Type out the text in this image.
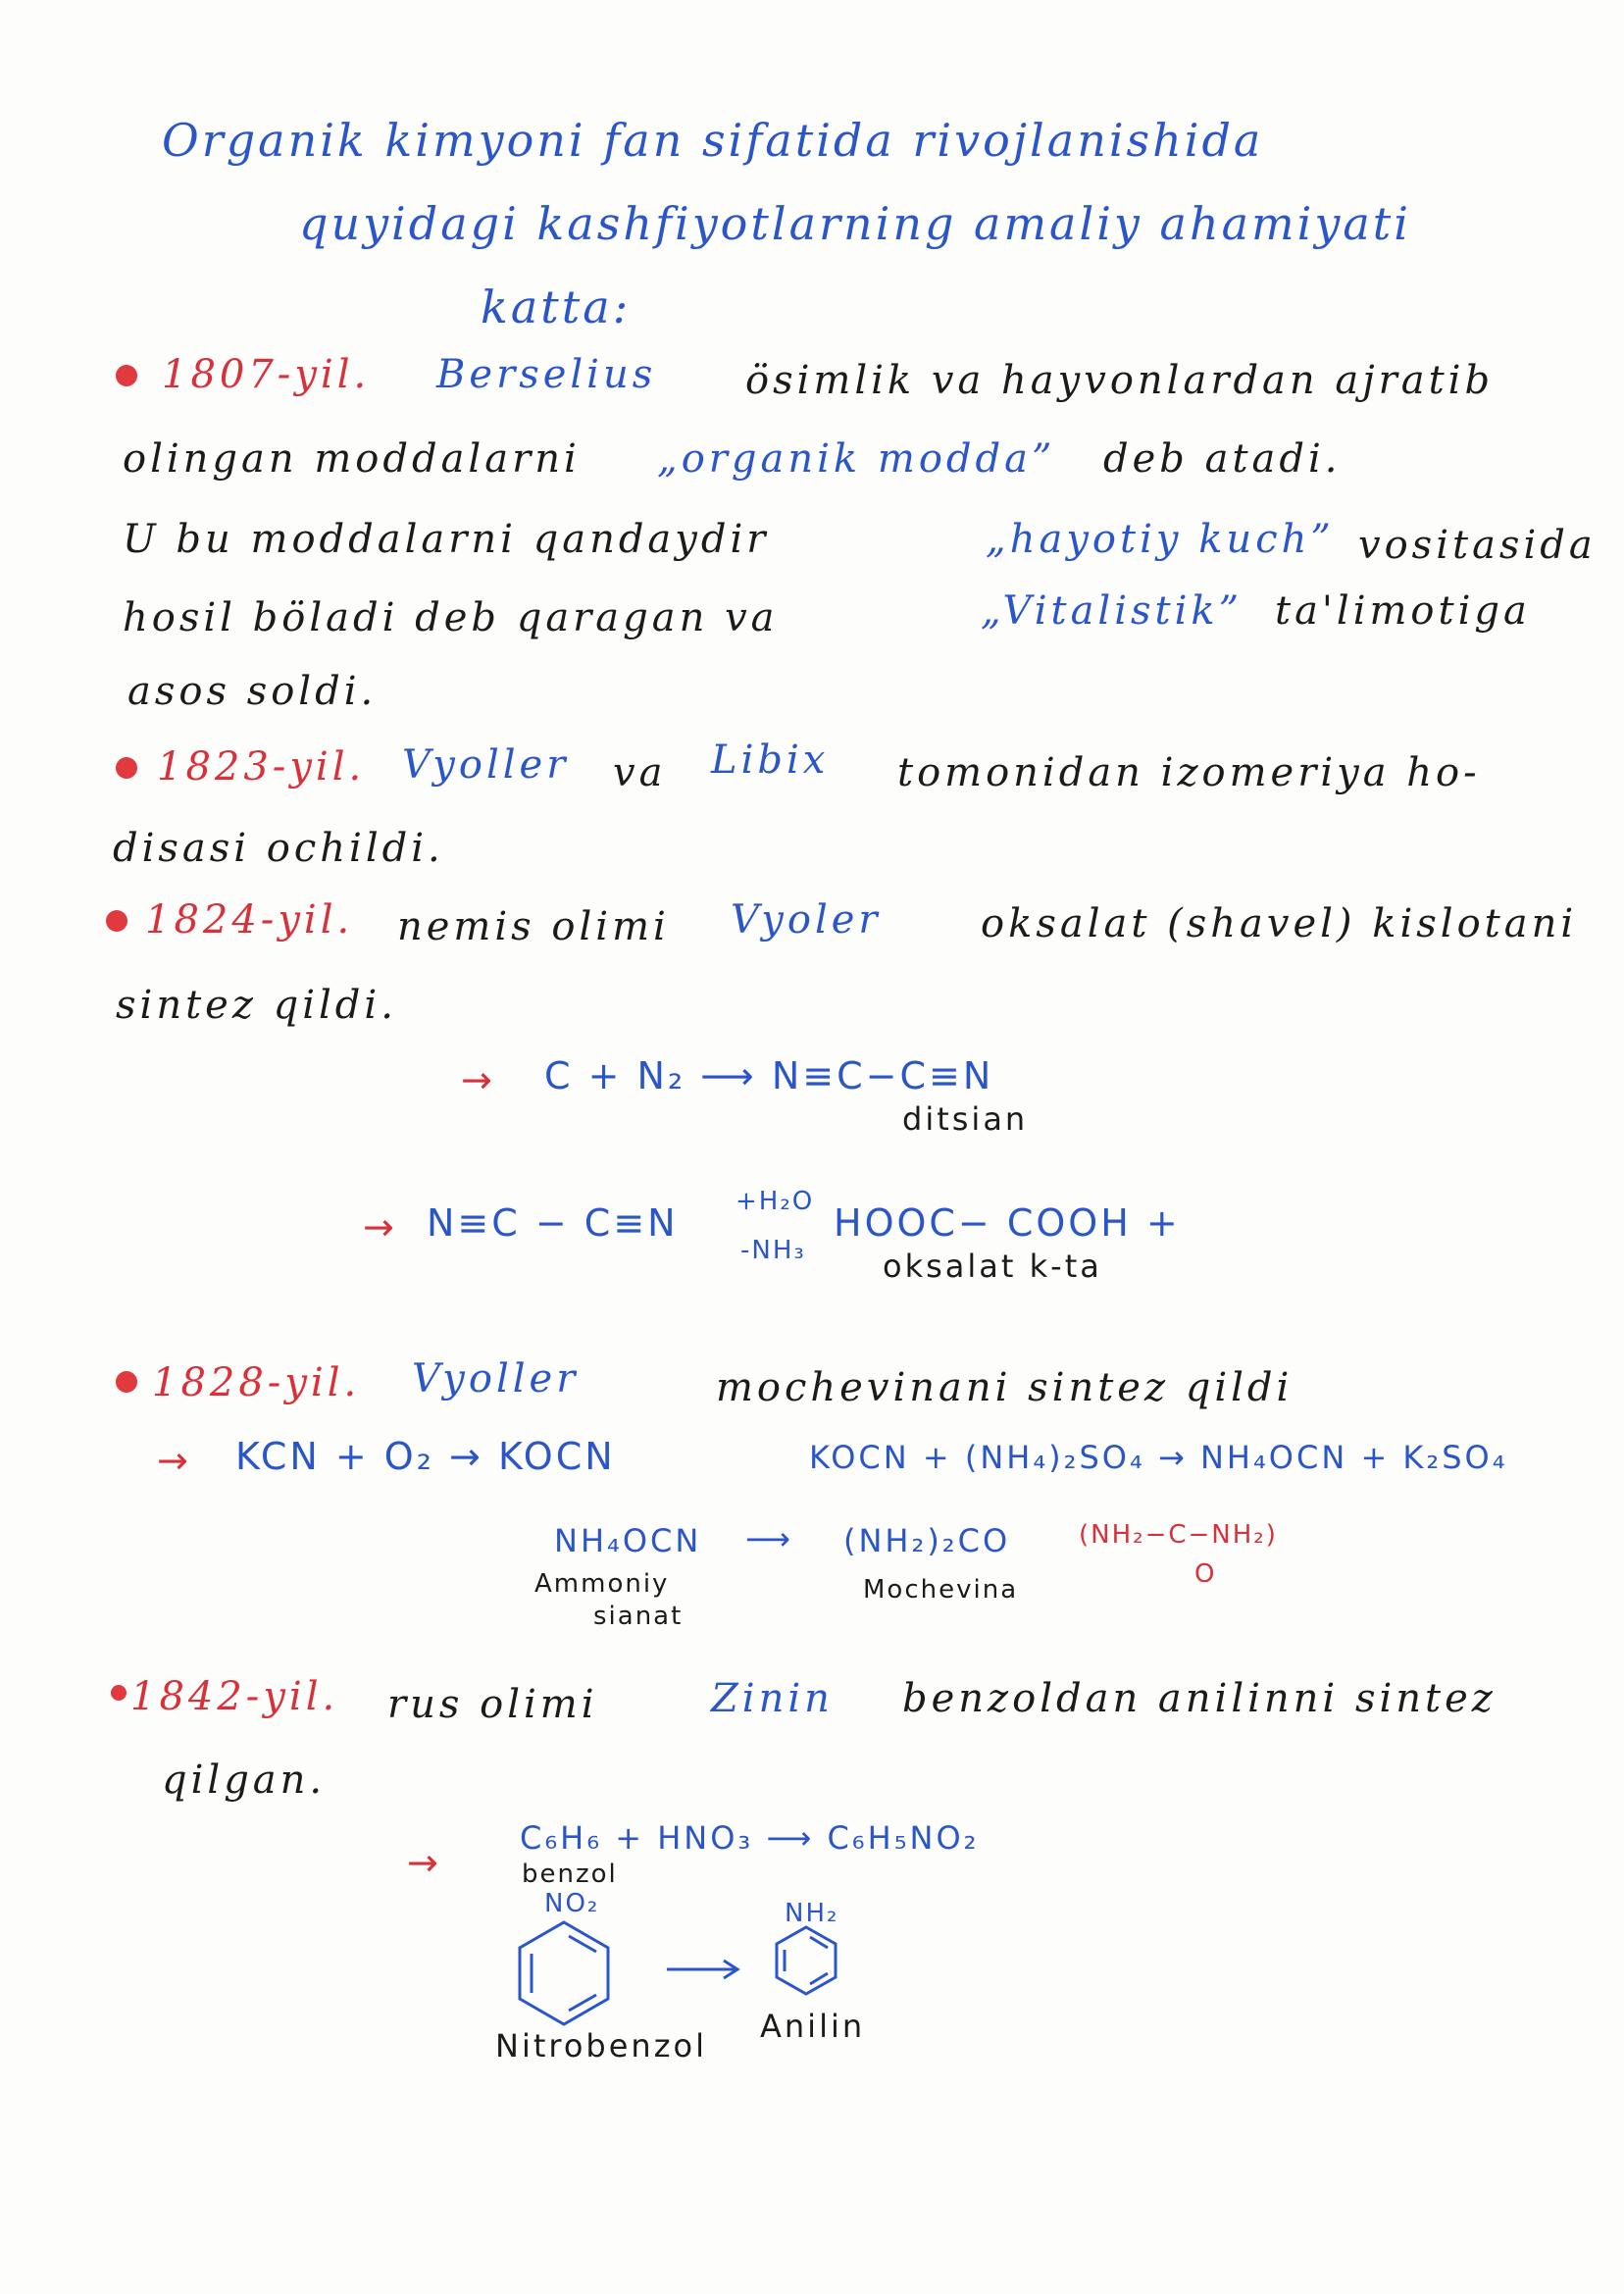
Organik kimyoni fan sifatida rivojlanishida
quyidagi kashfiyotlarning amaliy ahamiyati
katta:
1807-yil. Berselius ösimlik va hayvonlardan ajratib
olingan moddalarni „organik modda” deb atadi.
U bu moddalarni qandaydir	„hayotiy kuch” vositasida
hosil böladi deb qaragan va	„Vitalistik” ta'limotiga
asos soldi.
1823-yil. Vyoller va Libix tomonidan izomeriya ho-
disasi ochildi.
1824-yil. nemis olimi Vyoler	oksalat (shavel) kislotani
sintez qildi.
→ C + N₂ ⟶ N≡C−C≡N
ditsian
→ N≡C − C≡N +H₂O
-NH₃
HOOC− COOH +
oksalat k-ta
1828-yil. Vyoller	mochevinani sintez qildi
→ KCN + O₂ → KOCN	KOCN + (NH₄)₂SO₄ → NH₄OCN + K₂SO₄
NH₄OCN ⟶ (NH₂)₂CO	(NH₂−C−NH₂)
O
Ammoniy
sianat
Mochevina
1842-yil. rus olimi	Zinin benzoldan anilinni sintez
qilgan.
→
C₆H₆ + HNO₃ ⟶ C₆H₅NO₂
benzol
NO₂	NH₂
Nitrobenzol
Anilin
